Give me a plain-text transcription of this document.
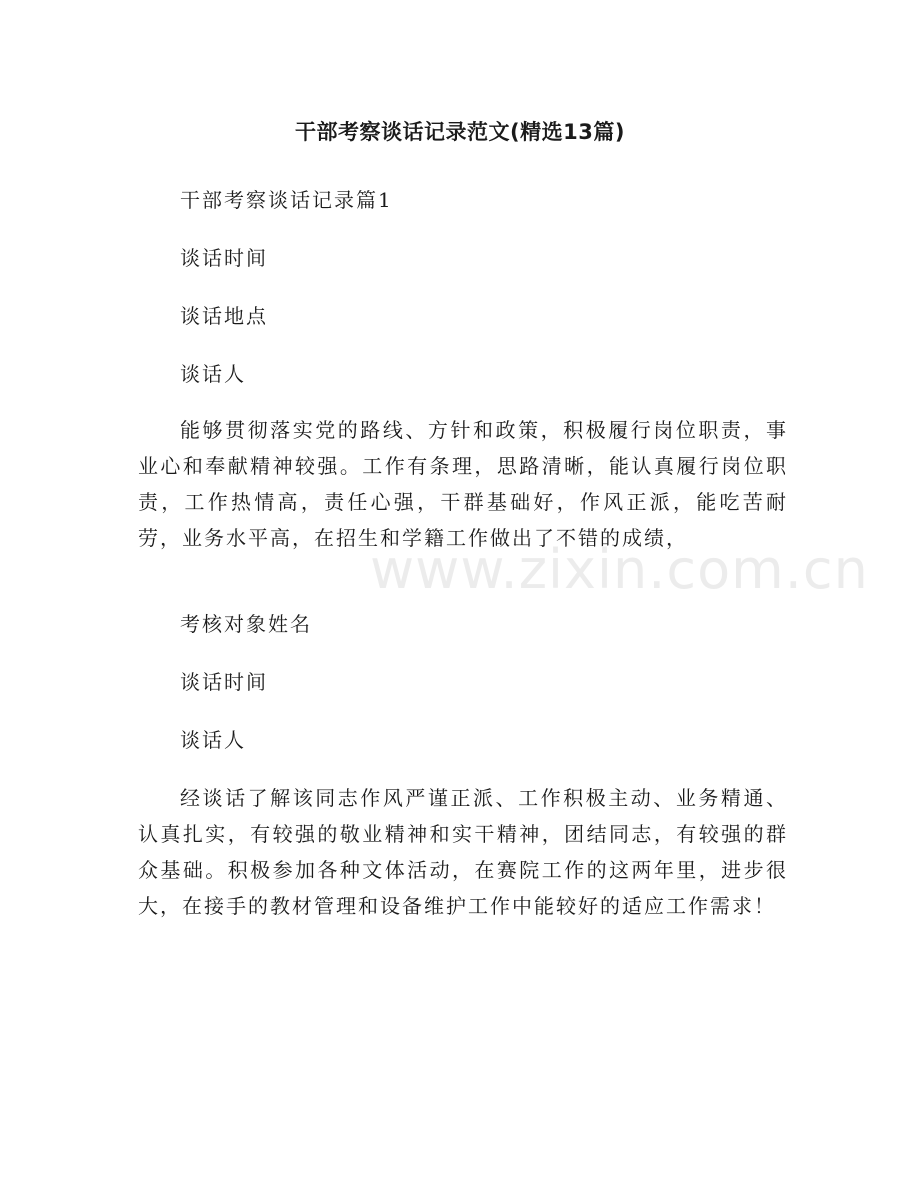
干部考察谈话记录范文(精选13篇)
干部考察谈话记录篇1
谈话时间
谈话地点
谈话人
能够贯彻落实党的路线、方针和政策，积极履行岗位职责，事业心和奉献精神较强。工作有条理，思路清晰，能认真履行岗位职责，工作热情高，责任心强，干群基础好，作风正派，能吃苦耐劳，业务水平高，在招生和学籍工作做出了不错的成绩，
考核对象姓名
谈话时间
谈话人
经谈话了解该同志作风严谨正派、工作积极主动、业务精通、认真扎实，有较强的敬业精神和实干精神，团结同志，有较强的群众基础。积极参加各种文体活动，在赛院工作的这两年里，进步很大，在接手的教材管理和设备维护工作中能较好的适应工作需求！
www.zixin.com.cn
